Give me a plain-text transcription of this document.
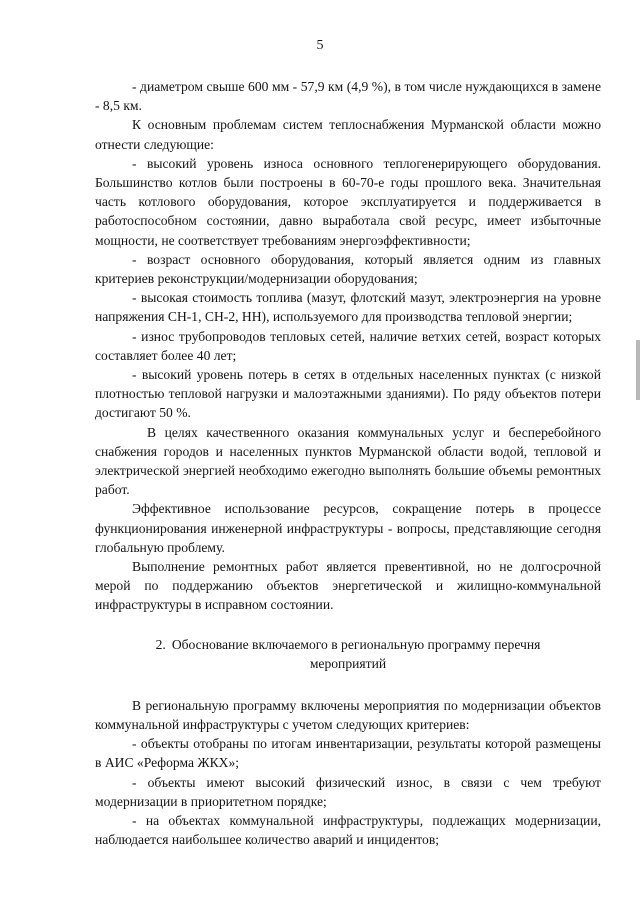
5

- диаметром свыше 600 мм - 57,9 км (4,9 %), в том числе нуждающихся в замене - 8,5 км.

К основным проблемам систем теплоснабжения Мурманской области можно отнести следующие:

- высокий уровень износа основного теплогенерирующего оборудования. Большинство котлов были построены в 60-70-е годы прошлого века. Значительная часть котлового оборудования, которое эксплуатируется и поддерживается в работоспособном состоянии, давно выработала свой ресурс, имеет избыточные мощности, не соответствует требованиям энергоэффективности;

- возраст основного оборудования, который является одним из главных критериев реконструкции/модернизации оборудования;

- высокая стоимость топлива (мазут, флотский мазут, электроэнергия на уровне напряжения СН-1, СН-2, НН), используемого для производства тепловой энергии;

- износ трубопроводов тепловых сетей, наличие ветхих сетей, возраст которых составляет более 40 лет;

- высокий уровень потерь в сетях в отдельных населенных пунктах (с низкой плотностью тепловой нагрузки и малоэтажными зданиями). По ряду объектов потери достигают 50 %.

В целях качественного оказания коммунальных услуг и бесперебойного снабжения городов и населенных пунктов Мурманской области водой, тепловой и электрической энергией необходимо ежегодно выполнять большие объемы ремонтных работ.

Эффективное использование ресурсов, сокращение потерь в процессе функционирования инженерной инфраструктуры - вопросы, представляющие сегодня глобальную проблему.

Выполнение ремонтных работ является превентивной, но не долгосрочной мерой по поддержанию объектов энергетической и жилищно-коммунальной инфраструктуры в исправном состоянии.

2. Обоснование включаемого в региональную программу перечня мероприятий

В региональную программу включены мероприятия по модернизации объектов коммунальной инфраструктуры с учетом следующих критериев:

- объекты отобраны по итогам инвентаризации, результаты которой размещены в АИС «Реформа ЖКХ»;

- объекты имеют высокий физический износ, в связи с чем требуют модернизации в приоритетном порядке;

- на объектах коммунальной инфраструктуры, подлежащих модернизации, наблюдается наибольшее количество аварий и инцидентов;
